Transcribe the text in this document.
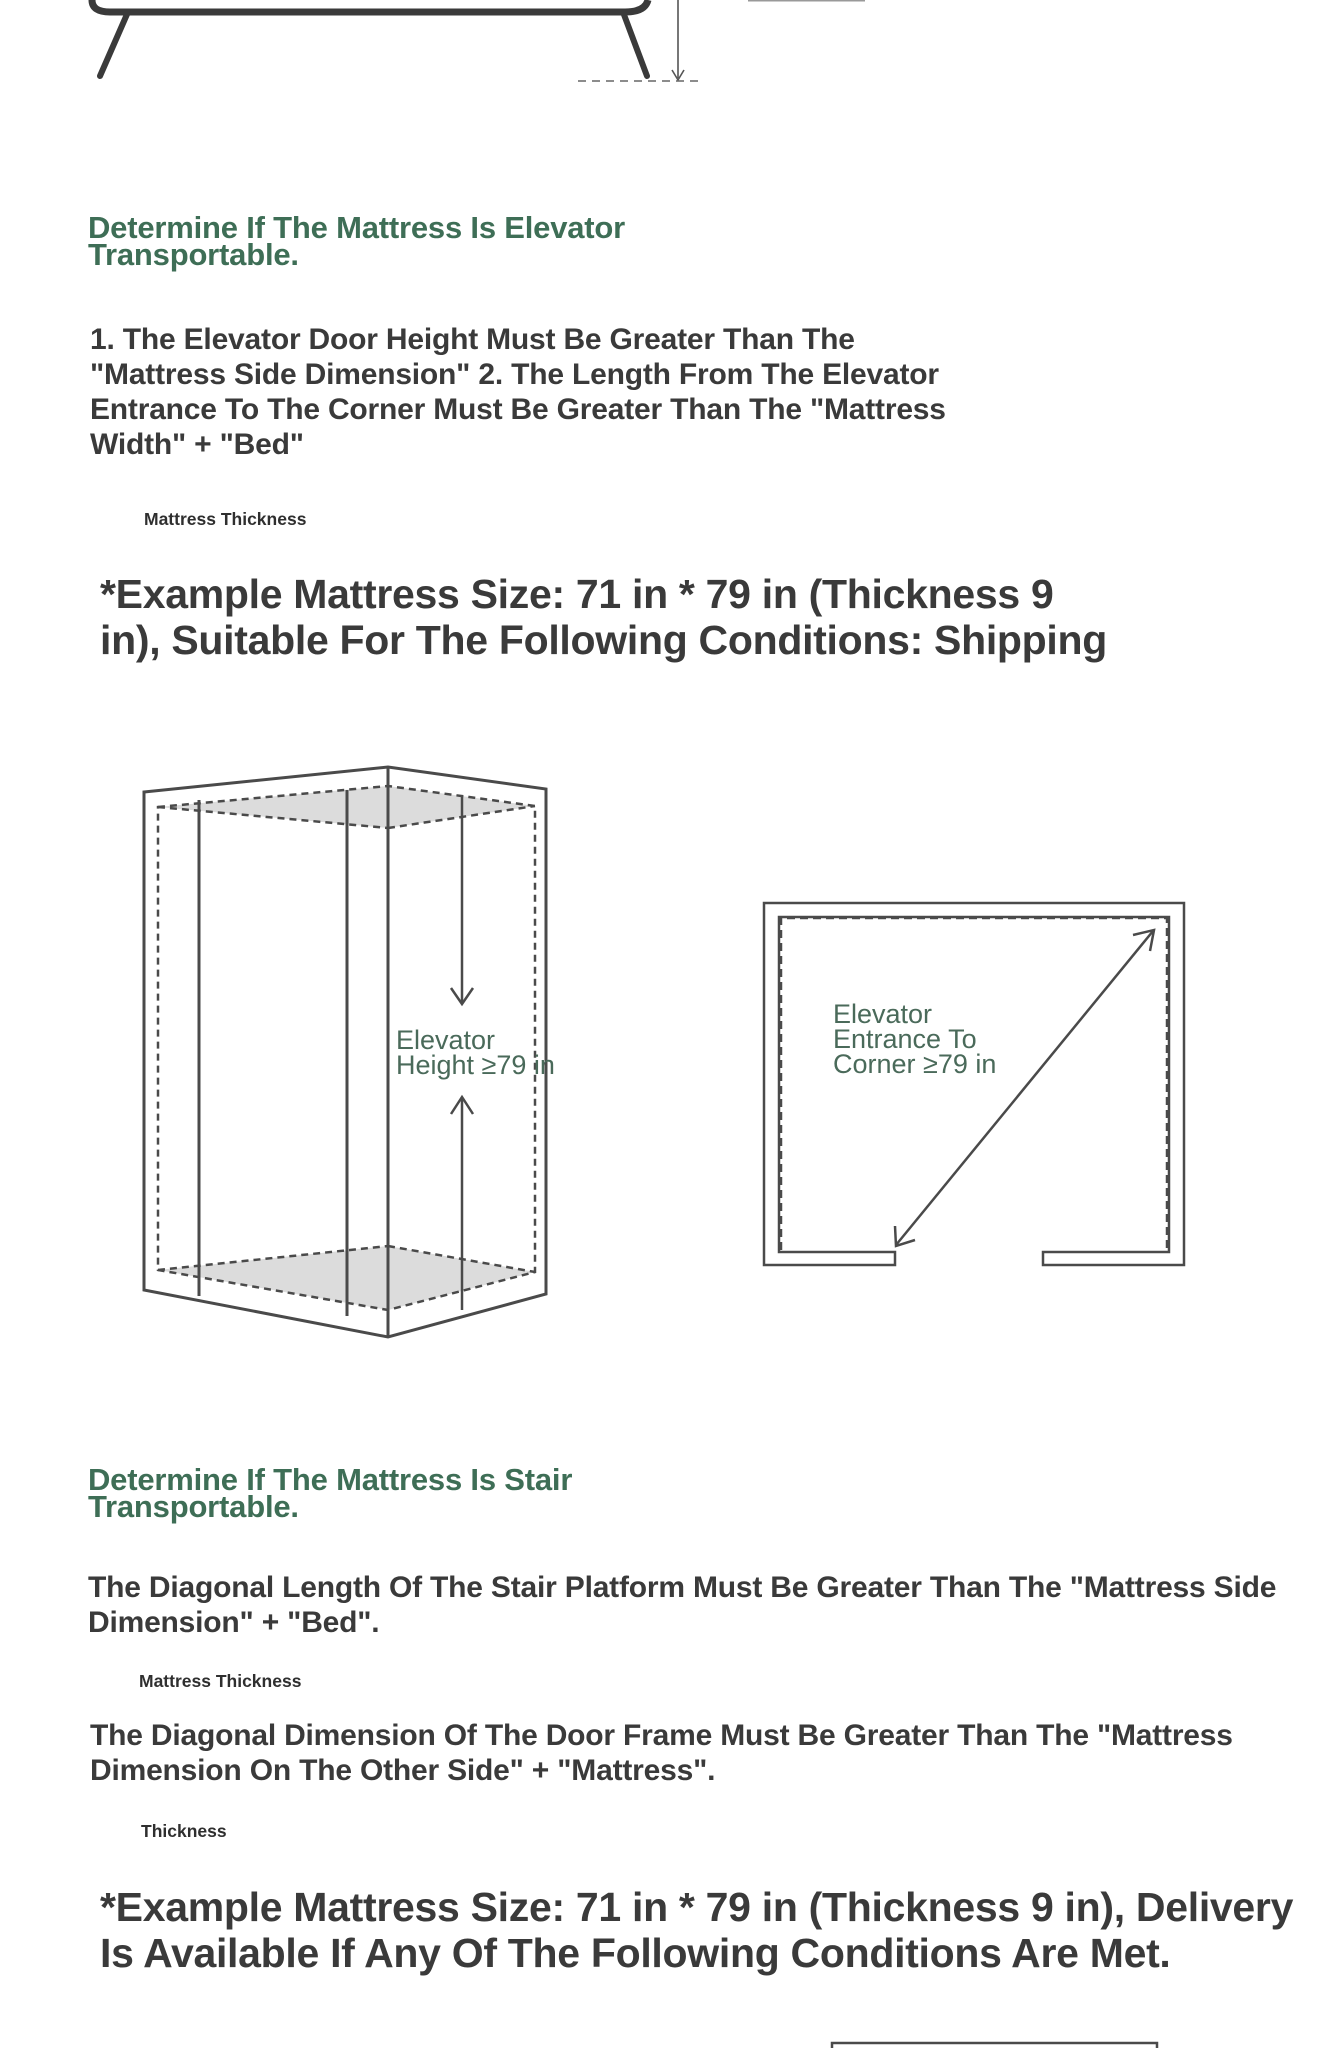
Determine If The Mattress Is Elevator Transportable.
1. The Elevator Door Height Must Be Greater Than The "Mattress Side Dimension" 2. The Length From The Elevator Entrance To The Corner Must Be Greater Than The "Mattress Width" + "Bed"
Mattress Thickness
*Example Mattress Size: 71 in * 79 in (Thickness 9 in), Suitable For The Following Conditions: Shipping
Elevator
Height ≥79 in
Elevator
Entrance To
Corner ≥79 in
Determine If The Mattress Is Stair Transportable.
The Diagonal Length Of The Stair Platform Must Be Greater Than The "Mattress Side Dimension" + "Bed".
Mattress Thickness
The Diagonal Dimension Of The Door Frame Must Be Greater Than The "Mattress Dimension On The Other Side" + "Mattress".
Thickness
*Example Mattress Size: 71 in * 79 in (Thickness 9 in), Delivery Is Available If Any Of The Following Conditions Are Met.
